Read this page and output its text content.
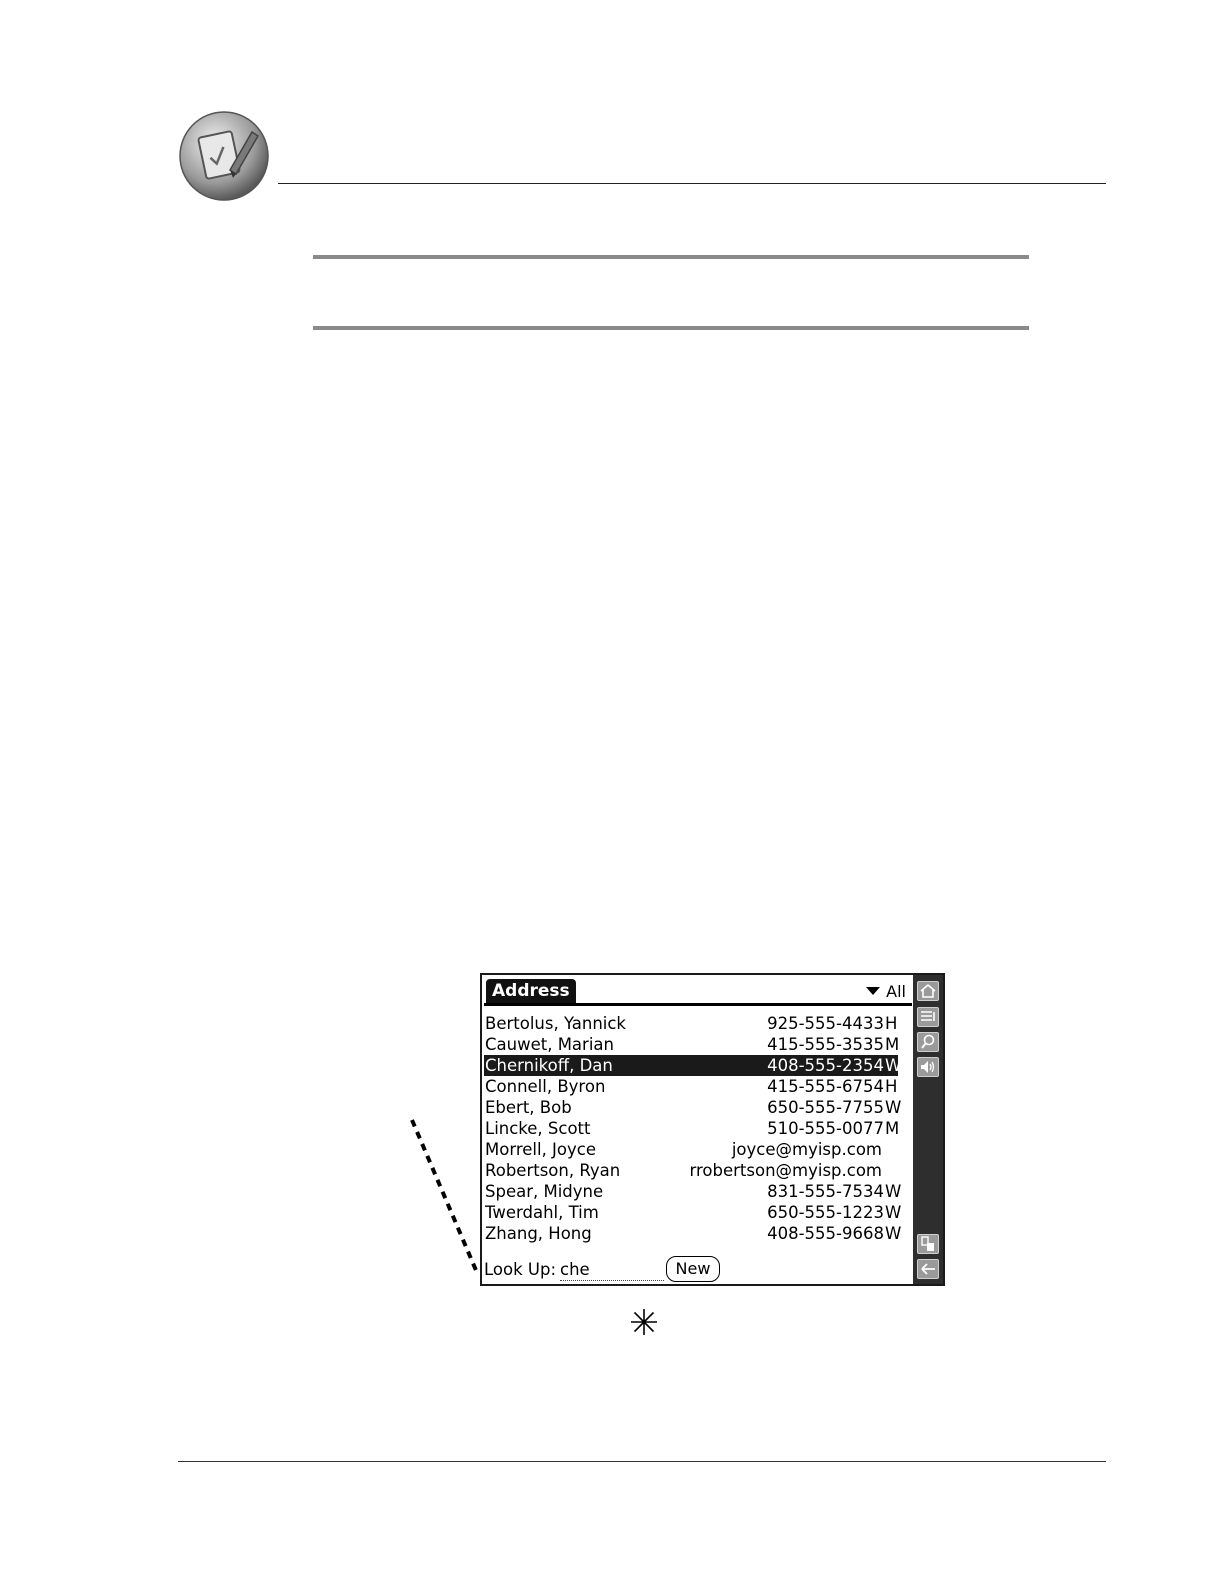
Address	All
Bertolus, Yannick	925-555-4433 H
Cauwet, Marian	415-555-3535 M
Chernikoff, Dan	408-555-2354 W
Connell, Byron	415-555-6754 H
Ebert, Bob	650-555-7755 W
Lincke, Scott	510-555-0077 M
Morrell, Joyce	joyce@myisp.com
Robertson, Ryan	rrobertson@myisp.com
Spear, Midyne	831-555-7534 W
Twerdahl, Tim	650-555-1223 W
Zhang, Hong	408-555-9668 W
Look Up:
che	New
